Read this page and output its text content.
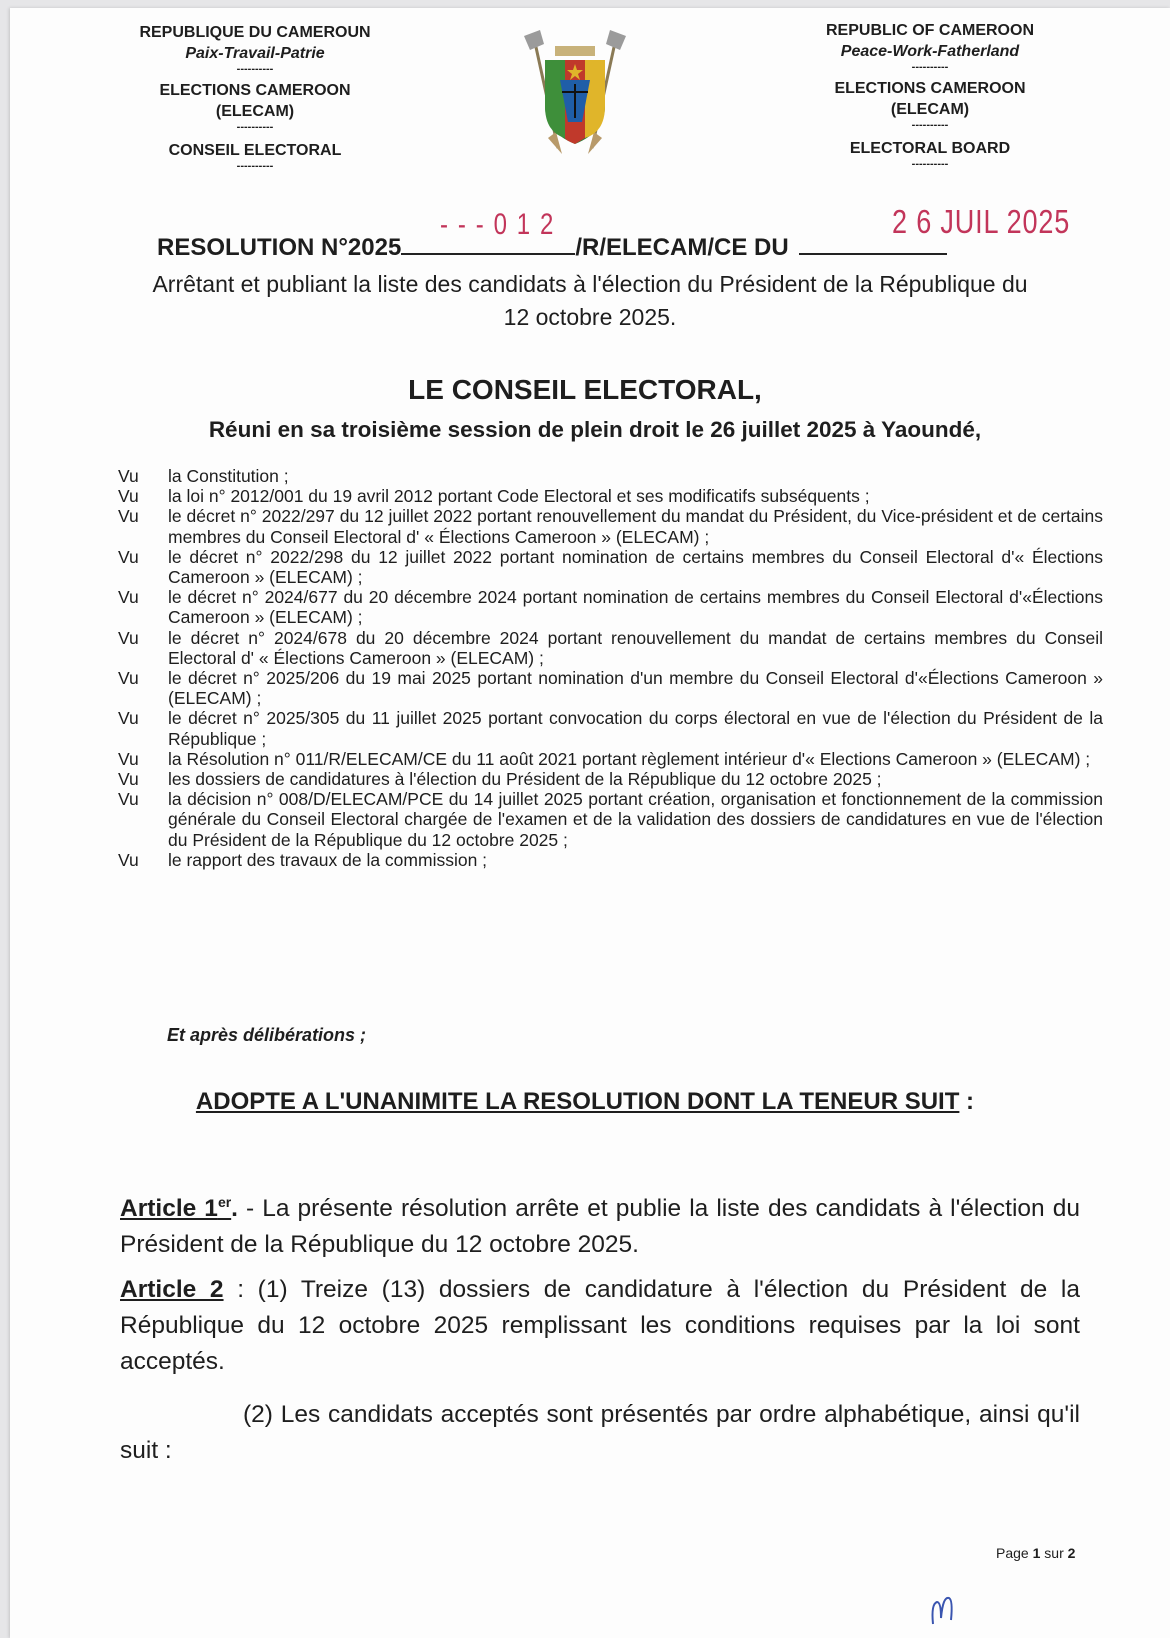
REPUBLIQUE DU CAMEROUN
Paix-Travail-Patrie
----------
ELECTIONS CAMEROON
(ELECAM)
----------
CONSEIL ELECTORAL
----------
REPUBLIC OF CAMEROON
Peace-Work-Fatherland
----------
ELECTIONS CAMEROON
(ELECAM)
----------
ELECTORAL BOARD
----------
RESOLUTION N°2025	/R/ELECAM/CE DU
- - - 0 1 2	2 6 JUIL 2025
Arrêtant et publiant la liste des candidats à l'élection du Président de la République du 12 octobre 2025.
LE CONSEIL ELECTORAL,
Réuni en sa troisième session de plein droit le 26 juillet 2025 à Yaoundé,
Vu	la Constitution ;
Vu	la loi n° 2012/001 du 19 avril 2012 portant Code Electoral et ses modificatifs subséquents ;
Vu	le décret n° 2022/297 du 12 juillet 2022 portant renouvellement du mandat du Président, du Vice-président et de certains membres du Conseil Electoral d' « Élections Cameroon » (ELECAM) ;
Vu	le décret n° 2022/298 du 12 juillet 2022 portant nomination de certains membres du Conseil Electoral d'« Élections Cameroon » (ELECAM) ;
Vu	le décret n° 2024/677 du 20 décembre 2024 portant nomination de certains membres du Conseil Electoral d'«Élections Cameroon » (ELECAM) ;
Vu	le décret n° 2024/678 du 20 décembre 2024 portant renouvellement du mandat de certains membres du Conseil Electoral d' « Élections Cameroon » (ELECAM) ;
Vu	le décret n° 2025/206 du 19 mai 2025 portant nomination d'un membre du Conseil Electoral d'«Élections Cameroon » (ELECAM) ;
Vu	le décret n° 2025/305 du 11 juillet 2025 portant convocation du corps électoral en vue de l'élection du Président de la République ;
Vu	la Résolution n° 011/R/ELECAM/CE du 11 août 2021 portant règlement intérieur d'« Elections Cameroon » (ELECAM) ;
Vu	les dossiers de candidatures à l'élection du Président de la République du 12 octobre 2025 ;
Vu	la décision n° 008/D/ELECAM/PCE du 14 juillet 2025 portant création, organisation et fonctionnement de la commission générale du Conseil Electoral chargée de l'examen et de la validation des dossiers de candidatures en vue de l'élection du Président de la République du 12 octobre 2025 ;
Vu	le rapport des travaux de la commission ;
Et après délibérations ;
ADOPTE A L'UNANIMITE LA RESOLUTION DONT LA TENEUR SUIT :
Article 1er. - La présente résolution arrête et publie la liste des candidats à l'élection du Président de la République du 12 octobre 2025.
Article 2 : (1) Treize (13) dossiers de candidature à l'élection du Président de la République du 12 octobre 2025 remplissant les conditions requises par la loi sont acceptés.
(2) Les candidats acceptés sont présentés par ordre alphabétique, ainsi qu'il suit :
Page 1 sur 2
